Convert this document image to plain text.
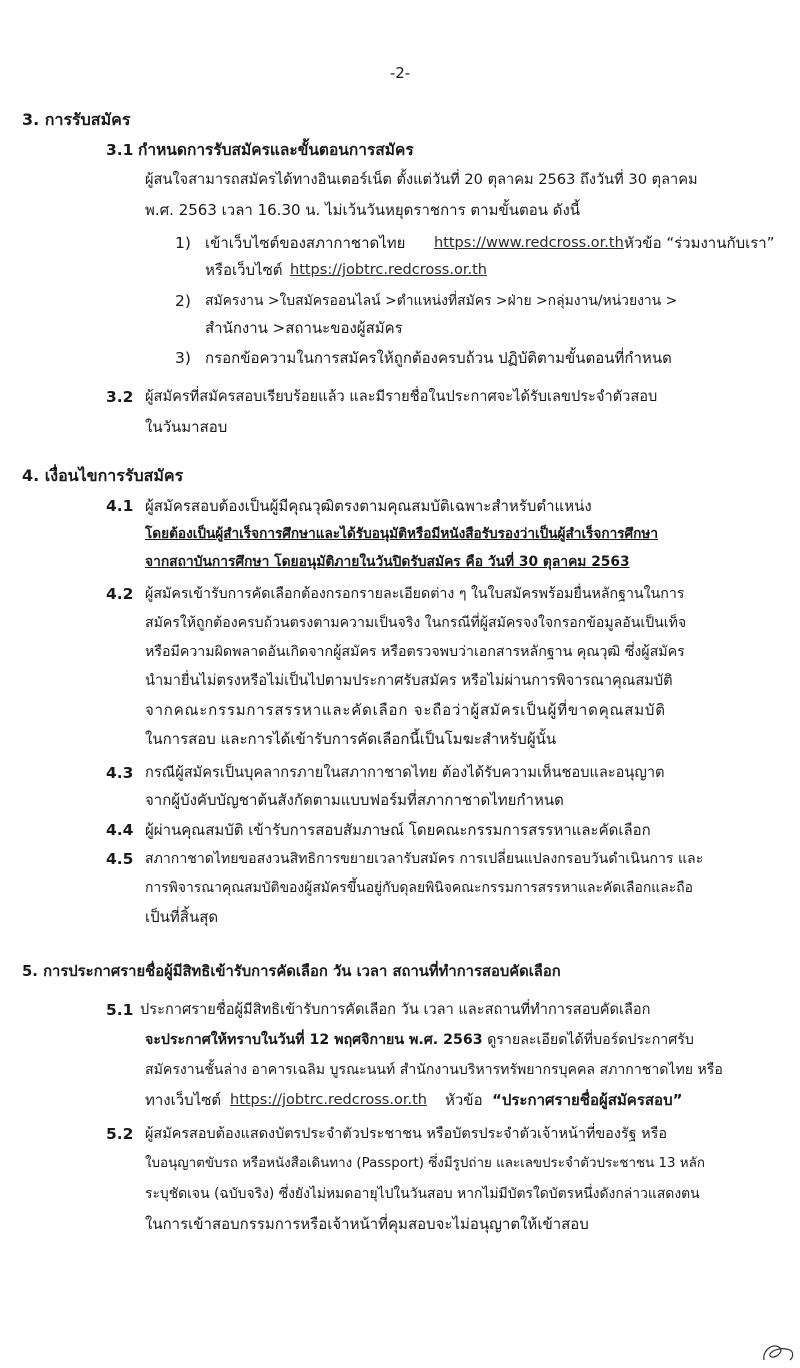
-2-
3. การรับสมัคร
3.1 กำหนดการรับสมัครและขั้นตอนการสมัคร
ผู้สนใจสามารถสมัครได้ทางอินเตอร์เน็ต ตั้งแต่วันที่ 20 ตุลาคม 2563 ถึงวันที่ 30 ตุลาคม
พ.ศ. 2563 เวลา 16.30 น. ไม่เว้นวันหยุดราชการ ตามขั้นตอน ดังนี้
1) เข้าเว็บไซต์ของสภากาชาดไทย https://www.redcross.or.th หัวข้อ “ร่วมงานกับเรา”
หรือเว็บไซต์ https://jobtrc.redcross.or.th
2) สมัครงาน >ใบสมัครออนไลน์ >ตำแหน่งที่สมัคร >ฝ่าย >กลุ่มงาน/หน่วยงาน >
สำนักงาน >สถานะของผู้สมัคร
3) กรอกข้อความในการสมัครให้ถูกต้องครบถ้วน ปฏิบัติตามขั้นตอนที่กำหนด
3.2 ผู้สมัครที่สมัครสอบเรียบร้อยแล้ว และมีรายชื่อในประกาศจะได้รับเลขประจำตัวสอบ
ในวันมาสอบ
4. เงื่อนไขการรับสมัคร
4.1 ผู้สมัครสอบต้องเป็นผู้มีคุณวุฒิตรงตามคุณสมบัติเฉพาะสำหรับตำแหน่ง
โดยต้องเป็นผู้สำเร็จการศึกษาและได้รับอนุมัติหรือมีหนังสือรับรองว่าเป็นผู้สำเร็จการศึกษา
จากสถาบันการศึกษา โดยอนุมัติภายในวันปิดรับสมัคร คือ วันที่ 30 ตุลาคม 2563
4.2 ผู้สมัครเข้ารับการคัดเลือกต้องกรอกรายละเอียดต่าง ๆ ในใบสมัครพร้อมยื่นหลักฐานในการ
สมัครให้ถูกต้องครบถ้วนตรงตามความเป็นจริง ในกรณีที่ผู้สมัครจงใจกรอกข้อมูลอันเป็นเท็จ
หรือมีความผิดพลาดอันเกิดจากผู้สมัคร หรือตรวจพบว่าเอกสารหลักฐาน คุณวุฒิ ซึ่งผู้สมัคร
นำมายื่นไม่ตรงหรือไม่เป็นไปตามประกาศรับสมัคร หรือไม่ผ่านการพิจารณาคุณสมบัติ
จากคณะกรรมการสรรหาและคัดเลือก จะถือว่าผู้สมัครเป็นผู้ที่ขาดคุณสมบัติ
ในการสอบ และการได้เข้ารับการคัดเลือกนี้เป็นโมฆะสำหรับผู้นั้น
4.3 กรณีผู้สมัครเป็นบุคลากรภายในสภากาชาดไทย ต้องได้รับความเห็นชอบและอนุญาต
จากผู้บังคับบัญชาต้นสังกัดตามแบบฟอร์มที่สภากาชาดไทยกำหนด
4.4 ผู้ผ่านคุณสมบัติ เข้ารับการสอบสัมภาษณ์ โดยคณะกรรมการสรรหาและคัดเลือก
4.5 สภากาชาดไทยขอสงวนสิทธิการขยายเวลารับสมัคร การเปลี่ยนแปลงกรอบวันดำเนินการ และ
การพิจารณาคุณสมบัติของผู้สมัครขึ้นอยู่กับดุลยพินิจคณะกรรมการสรรหาและคัดเลือกและถือ
เป็นที่สิ้นสุด
5. การประกาศรายชื่อผู้มีสิทธิเข้ารับการคัดเลือก วัน เวลา สถานที่ทำการสอบคัดเลือก
5.1 ประกาศรายชื่อผู้มีสิทธิเข้ารับการคัดเลือก วัน เวลา และสถานที่ทำการสอบคัดเลือก
จะประกาศให้ทราบในวันที่ 12 พฤศจิกายน พ.ศ. 2563 ดูรายละเอียดได้ที่บอร์ดประกาศรับ
สมัครงานชั้นล่าง อาคารเฉลิม บูรณะนนท์ สำนักงานบริหารทรัพยากรบุคคล สภากาชาดไทย หรือ
ทางเว็บไซต์ https://jobtrc.redcross.or.th หัวข้อ “ประกาศรายชื่อผู้สมัครสอบ”
5.2 ผู้สมัครสอบต้องแสดงบัตรประจำตัวประชาชน หรือบัตรประจำตัวเจ้าหน้าที่ของรัฐ หรือ
ใบอนุญาตขับรถ หรือหนังสือเดินทาง (Passport) ซึ่งมีรูปถ่าย และเลขประจำตัวประชาชน 13 หลัก
ระบุชัดเจน (ฉบับจริง) ซึ่งยังไม่หมดอายุไปในวันสอบ หากไม่มีบัตรใดบัตรหนึ่งดังกล่าวแสดงตน
ในการเข้าสอบกรรมการหรือเจ้าหน้าที่คุมสอบจะไม่อนุญาตให้เข้าสอบ
